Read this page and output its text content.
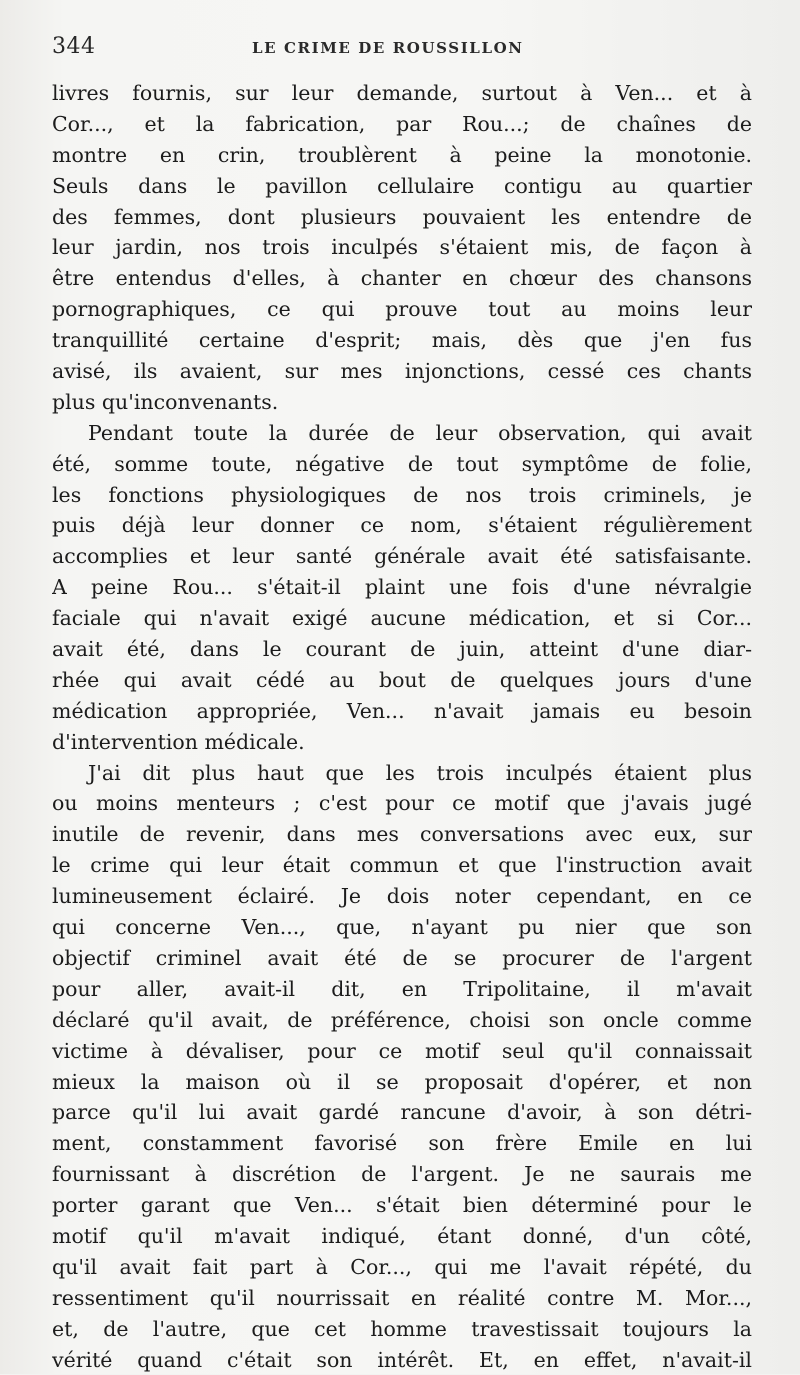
344	LE CRIME DE ROUSSILLON
livres fournis, sur leur demande, surtout à Ven... et à
Cor..., et la fabrication, par Rou...; de chaînes de
montre en crin, troublèrent à peine la monotonie.
Seuls dans le pavillon cellulaire contigu au quartier
des femmes, dont plusieurs pouvaient les entendre de
leur jardin, nos trois inculpés s'étaient mis, de façon à
être entendus d'elles, à chanter en chœur des chansons
pornographiques, ce qui prouve tout au moins leur
tranquillité certaine d'esprit; mais, dès que j'en fus
avisé, ils avaient, sur mes injonctions, cessé ces chants
plus qu'inconvenants.
Pendant toute la durée de leur observation, qui avait
été, somme toute, négative de tout symptôme de folie,
les fonctions physiologiques de nos trois criminels, je
puis déjà leur donner ce nom, s'étaient régulièrement
accomplies et leur santé générale avait été satisfaisante.
A peine Rou... s'était-il plaint une fois d'une névralgie
faciale qui n'avait exigé aucune médication, et si Cor...
avait été, dans le courant de juin, atteint d'une diar-
rhée qui avait cédé au bout de quelques jours d'une
médication appropriée, Ven... n'avait jamais eu besoin
d'intervention médicale.
J'ai dit plus haut que les trois inculpés étaient plus
ou moins menteurs ; c'est pour ce motif que j'avais jugé
inutile de revenir, dans mes conversations avec eux, sur
le crime qui leur était commun et que l'instruction avait
lumineusement éclairé. Je dois noter cependant, en ce
qui concerne Ven..., que, n'ayant pu nier que son
objectif criminel avait été de se procurer de l'argent
pour aller, avait-il dit, en Tripolitaine, il m'avait
déclaré qu'il avait, de préférence, choisi son oncle comme
victime à dévaliser, pour ce motif seul qu'il connaissait
mieux la maison où il se proposait d'opérer, et non
parce qu'il lui avait gardé rancune d'avoir, à son détri-
ment, constamment favorisé son frère Emile en lui
fournissant à discrétion de l'argent. Je ne saurais me
porter garant que Ven... s'était bien déterminé pour le
motif qu'il m'avait indiqué, étant donné, d'un côté,
qu'il avait fait part à Cor..., qui me l'avait répété, du
ressentiment qu'il nourrissait en réalité contre M. Mor...,
et, de l'autre, que cet homme travestissait toujours la
vérité quand c'était son intérêt. Et, en effet, n'avait-il
